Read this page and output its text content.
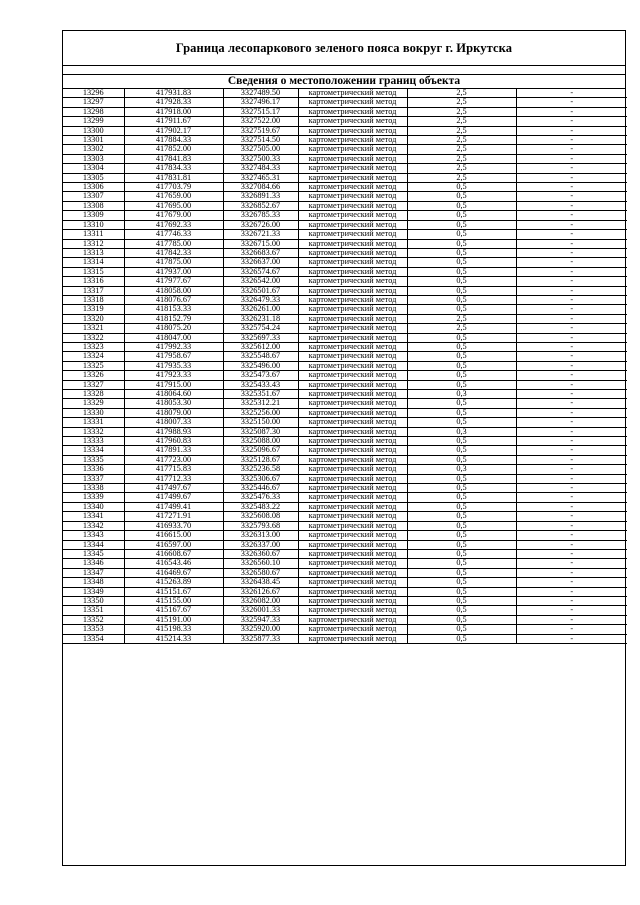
Граница лесопаркового зеленого пояса вокруг г. Иркутска
Сведения о местоположении границ объекта
13296	417931.83	3327489.50	картометрический метод	2,5	-
13297	417928.33	3327496.17	картометрический метод	2,5	-
13298	417918.00	3327515.17	картометрический метод	2,5	-
13299	417911.67	3327522.00	картометрический метод	2,5	-
13300	417902.17	3327519.67	картометрический метод	2,5	-
13301	417884.33	3327514.50	картометрический метод	2,5	-
13302	417852.00	3327505.00	картометрический метод	2,5	-
13303	417841.83	3327500.33	картометрический метод	2,5	-
13304	417834.33	3327484.33	картометрический метод	2,5	-
13305	417831.81	3327465.31	картометрический метод	2,5	-
13306	417703.79	3327084.66	картометрический метод	0,5	-
13307	417659.00	3326891.33	картометрический метод	0,5	-
13308	417695.00	3326852.67	картометрический метод	0,5	-
13309	417679.00	3326785.33	картометрический метод	0,5	-
13310	417692.33	3326726.00	картометрический метод	0,5	-
13311	417746.33	3326721.33	картометрический метод	0,5	-
13312	417785.00	3326715.00	картометрический метод	0,5	-
13313	417842.33	3326683.67	картометрический метод	0,5	-
13314	417875.00	3326637.00	картометрический метод	0,5	-
13315	417937.00	3326574.67	картометрический метод	0,5	-
13316	417977.67	3326542.00	картометрический метод	0,5	-
13317	418058.00	3326501.67	картометрический метод	0,5	-
13318	418076.67	3326479.33	картометрический метод	0,5	-
13319	418153.33	3326261.00	картометрический метод	0,5	-
13320	418152.79	3326231.18	картометрический метод	2,5	-
13321	418075.20	3325754.24	картометрический метод	2,5	-
13322	418047.00	3325697.33	картометрический метод	0,5	-
13323	417992.33	3325612.00	картометрический метод	0,5	-
13324	417958.67	3325548.67	картометрический метод	0,5	-
13325	417935.33	3325496.00	картометрический метод	0,5	-
13326	417923.33	3325473.67	картометрический метод	0,5	-
13327	417915.00	3325433.43	картометрический метод	0,5	-
13328	418064.60	3325351.67	картометрический метод	0,3	-
13329	418053.30	3325312.21	картометрический метод	0,5	-
13330	418079.00	3325256.00	картометрический метод	0,5	-
13331	418007.33	3325150.00	картометрический метод	0,5	-
13332	417988.93	3325087.30	картометрический метод	0,3	-
13333	417960.83	3325088.00	картометрический метод	0,5	-
13334	417891.33	3325096.67	картометрический метод	0,5	-
13335	417723.00	3325128.67	картометрический метод	0,5	-
13336	417715.83	3325236.58	картометрический метод	0,3	-
13337	417712.33	3325306.67	картометрический метод	0,5	-
13338	417497.67	3325446.67	картометрический метод	0,5	-
13339	417499.67	3325476.33	картометрический метод	0,5	-
13340	417499.41	3325483.22	картометрический метод	0,5	-
13341	417271.91	3325608.08	картометрический метод	0,5	-
13342	416933.70	3325793.68	картометрический метод	0,5	-
13343	416615.00	3326313.00	картометрический метод	0,5	-
13344	416597.00	3326337.00	картометрический метод	0,5	-
13345	416608.67	3326360.67	картометрический метод	0,5	-
13346	416543.46	3326560.10	картометрический метод	0,5	-
13347	416469.67	3326580.67	картометрический метод	0,5	-
13348	415263.89	3326438.45	картометрический метод	0,5	-
13349	415151.67	3326126.67	картометрический метод	0,5	-
13350	415155.00	3326082.00	картометрический метод	0,5	-
13351	415167.67	3326001.33	картометрический метод	0,5	-
13352	415191.00	3325947.33	картометрический метод	0,5	-
13353	415198.33	3325920.00	картометрический метод	0,5	-
13354	415214.33	3325877.33	картометрический метод	0,5	-
